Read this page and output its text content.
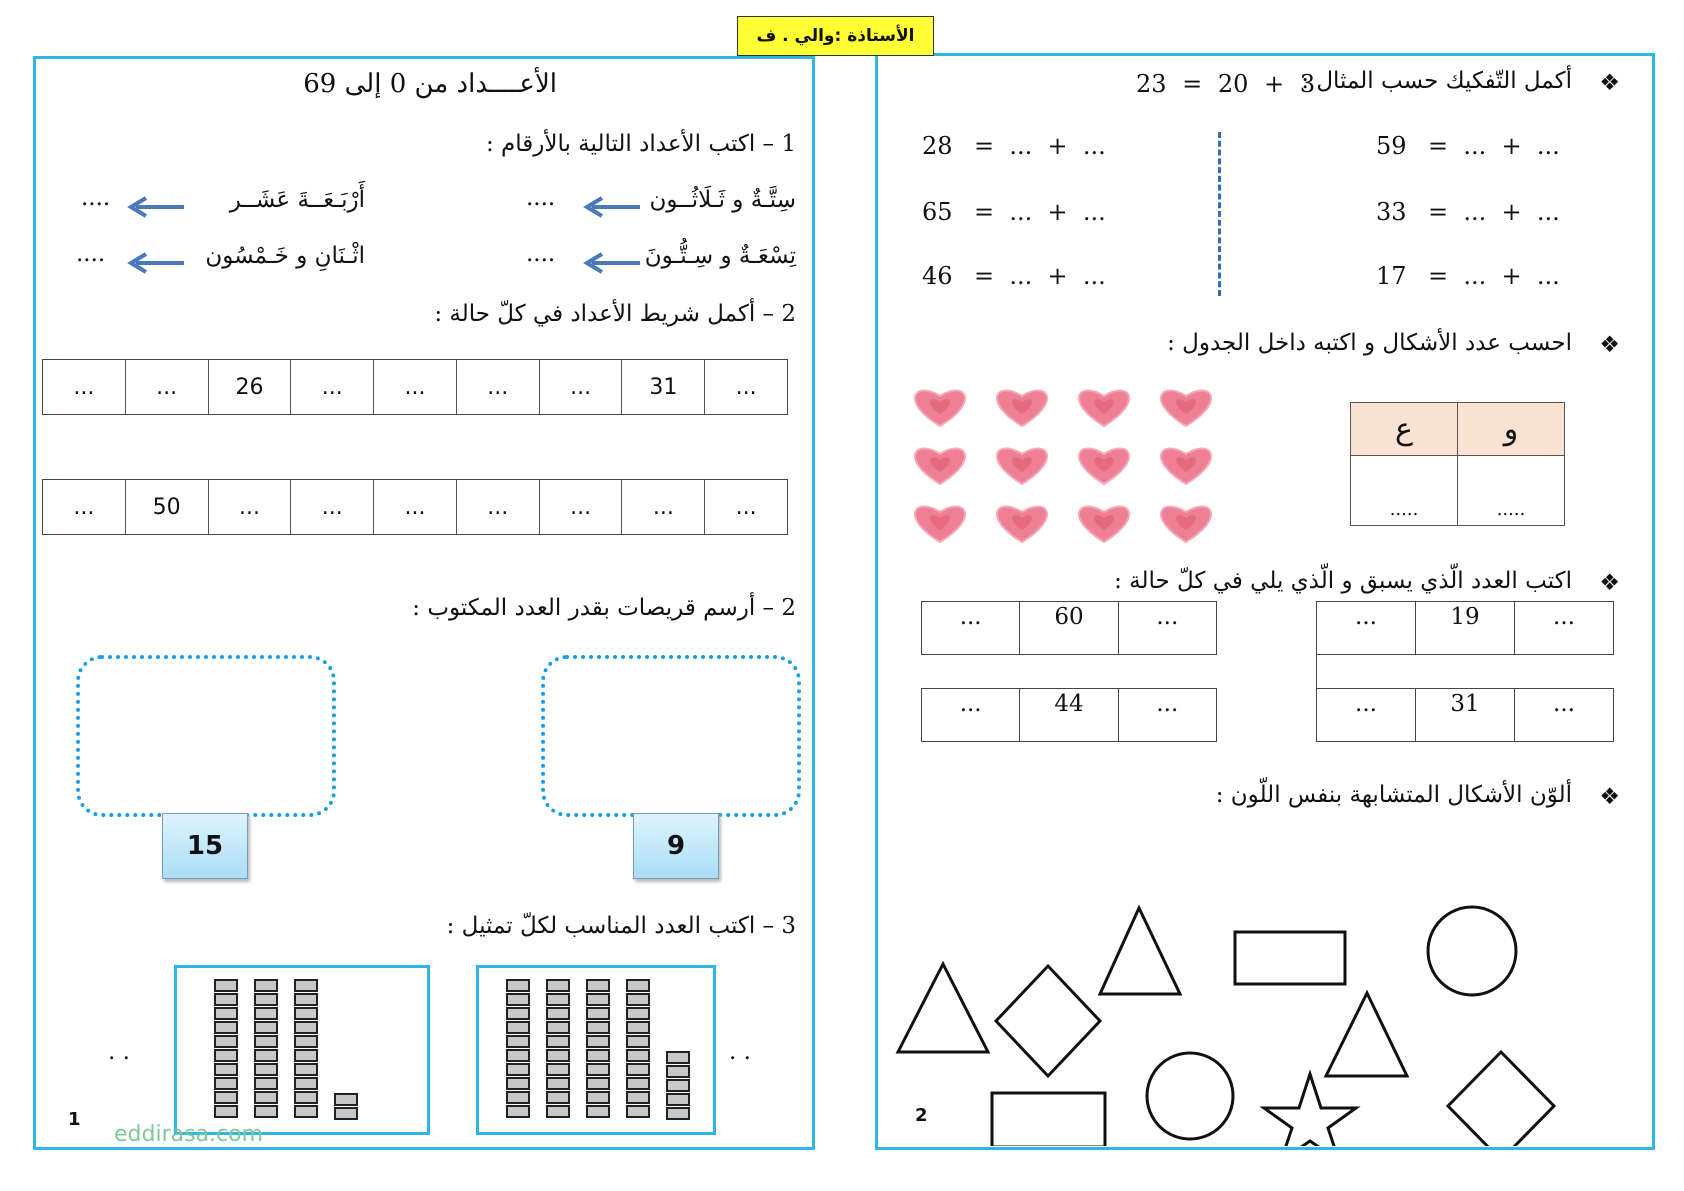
الأستاذة :والي . ف
الأعــــداد من 0 إلى 69
1 – اكتب الأعداد التالية بالأرقام :
سِتَّـةٌ و ثَـلَاثُــون
....
أَرْبَـعَــةَ عَشَــر
....
تِسْعَـةٌ و سِـتُّـونَ
....
اثْـنَانِ و خَـمْسُون
....
2 – أكمل شريط الأعداد في كلّ حالة :
...	...	26	...	...	...	...	31	...
...	50	...	...	...	...	...	...	...
2 – أرسم قريصات بقدر العدد المكتوب :
15	9
3 – اكتب العدد المناسب لكلّ تمثيل :
. .	. .
1
eddirasa.com
❖
أكمل التّفكيك حسب المثال :
23 = 20 + 3
59 =  ...  +  ...
33 =  ...  +  ...
17 =  ...  +  ...
28 =  ...  +  ...
65 =  ...  +  ...
46 =  ...  +  ...
❖
احسب عدد الأشكال و اكتبه داخل الجدول :
ع	و
.....	.....
❖
اكتب العدد الّذي يسبق و الّذي يلي في كلّ حالة :
...	60	...
...	44	...
...	19	...
...	31	...
❖
ألوّن الأشكال المتشابهة بنفس اللّون :
2
